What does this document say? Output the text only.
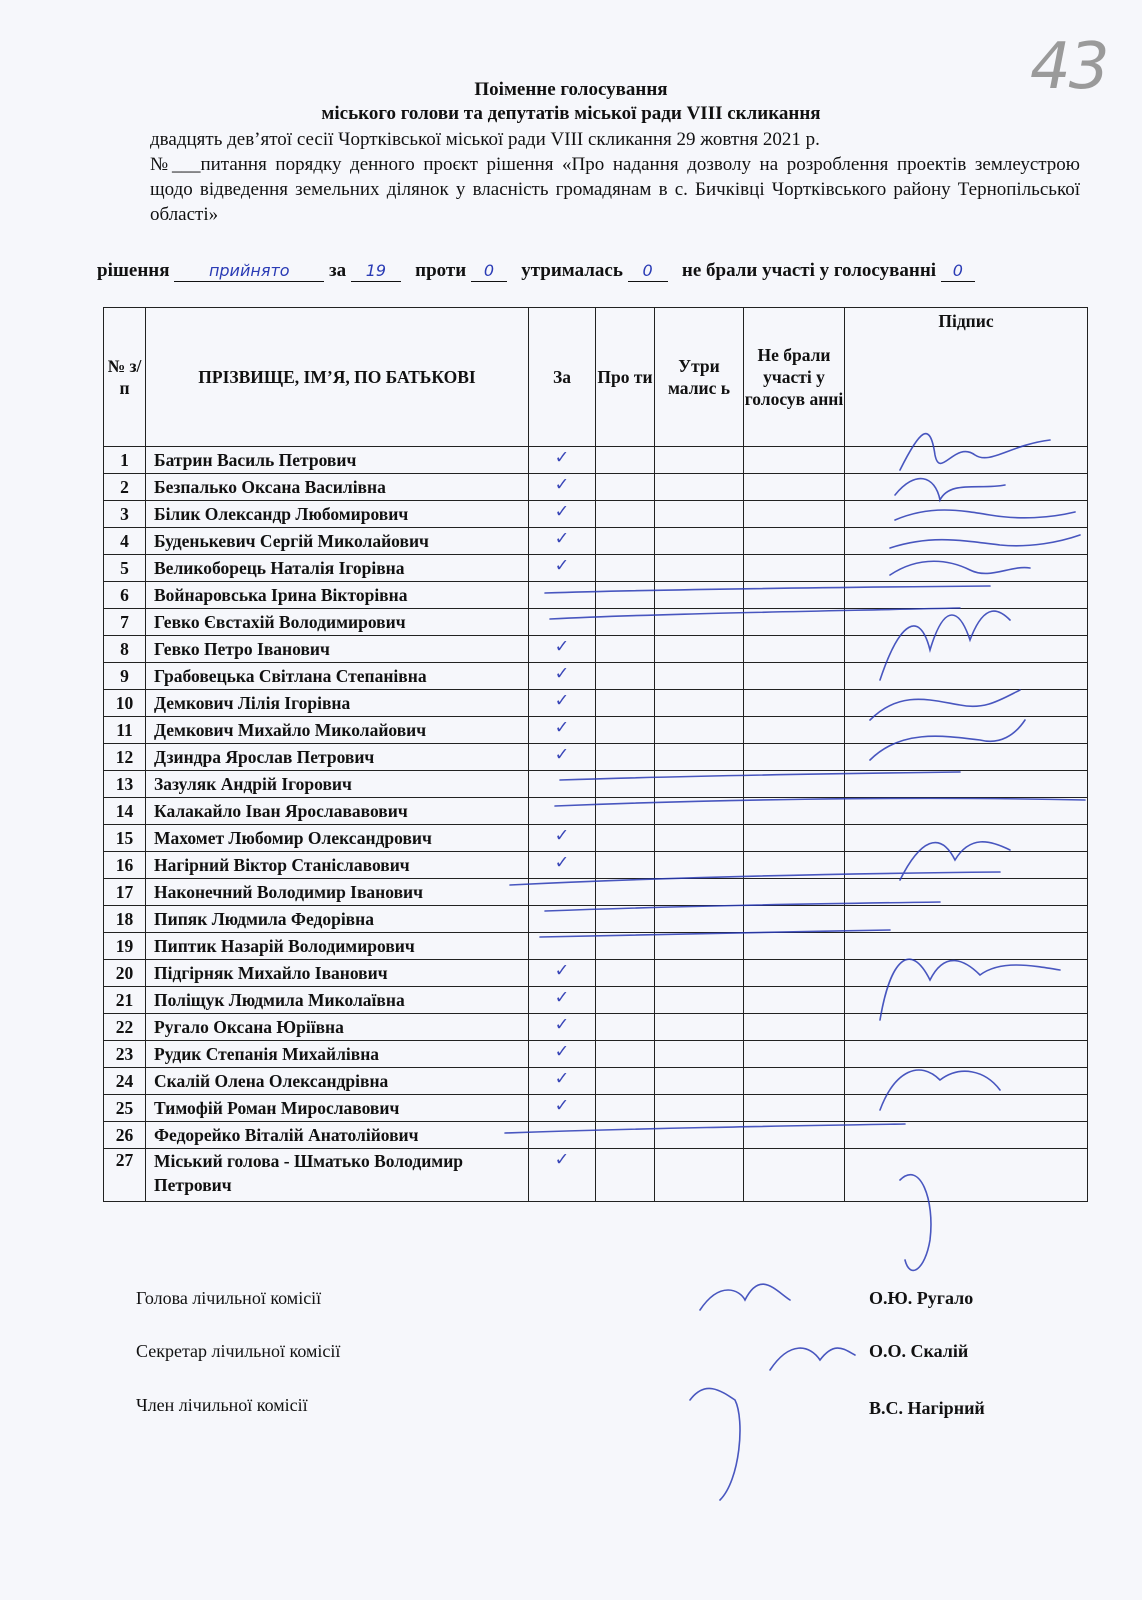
43
Поіменне голосування
міського голови та депутатів міської ради VIII скликання
двадцять дев’ятої сесії Чортківської міської ради VIII скликання 29 жовтня 2021 р.
№___питання порядку денного проєкт рішення «Про надання дозволу на розроблення проектів землеустрою щодо відведення земельних ділянок у власність громадянам в с. Бичківці Чортківського району Тернопільської області»
рішення прийнято за 19 проти 0 утрималась 0 не брали участі у голосуванні 0
№ з/п	ПРІЗВИЩЕ, ІМ’Я, ПО БАТЬКОВІ	За	Про ти	Утри малис ь	Не брали участі у голосув анні	Підпис
1	Батрин Василь Петрович	✓				
2	Безпалько Оксана Василівна	✓				
3	Білик Олександр Любомирович	✓				
4	Буденькевич Сергій Миколайович	✓				
5	Великоборець Наталія Ігорівна	✓				
6	Войнаровська Ірина Вікторівна					
7	Гевко Євстахій Володимирович					
8	Гевко Петро Іванович	✓				
9	Грабовецька Світлана Степанівна	✓				
10	Демкович Лілія Ігорівна	✓				
11	Демкович Михайло Миколайович	✓				
12	Дзиндра Ярослав Петрович	✓				
13	Зазуляк Андрій Ігорович					
14	Калакайло Іван Ярослававович					
15	Махомет Любомир Олександрович	✓				
16	Нагірний Віктор Станіславович	✓				
17	Наконечний Володимир Іванович					
18	Пипяк Людмила Федорівна					
19	Пиптик Назарій Володимирович					
20	Підгірняк Михайло Іванович	✓				
21	Поліщук Людмила Миколаївна	✓				
22	Ругало Оксана Юріївна	✓				
23	Рудик Степанія Михайлівна	✓				
24	Скалій Олена Олександрівна	✓				
25	Тимофій Роман Мирославович	✓				
26	Федорейко Віталій Анатолійович					
27	Міський голова - Шматько Володимир Петрович	✓				
Голова лічильної комісії	О.Ю. Ругало
Секретар лічильної комісії	О.О. Скалій
Член лічильної комісії	В.С. Нагірний
